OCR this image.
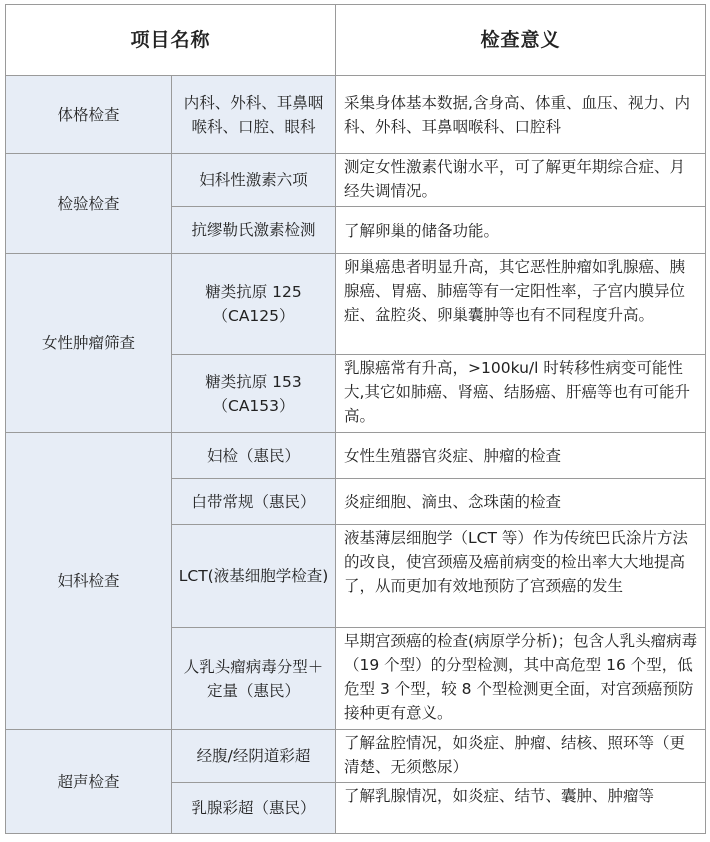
项目名称		检查意义
体格检查	内科、外科、耳鼻咽喉科、口腔、眼科	采集身体基本数据,含身高、体重、血压、视力、内科、外科、耳鼻咽喉科、口腔科
检验检查	妇科性激素六项	测定女性激素代谢水平，可了解更年期综合症、月经失调情况。
	抗缪勒氏激素检测	了解卵巢的储备功能。
女性肿瘤筛查	糖类抗原 125（CA125）	卵巢癌患者明显升高，其它恶性肿瘤如乳腺癌、胰腺癌、胃癌、肺癌等有一定阳性率，子宫内膜异位症、盆腔炎、卵巢囊肿等也有不同程度升高。
	糖类抗原 153（CA153）	乳腺癌常有升高，>100ku/l 时转移性病变可能性大,其它如肺癌、肾癌、结肠癌、肝癌等也有可能升高。
妇科检查	妇检（惠民）	女性生殖器官炎症、肿瘤的检查
	白带常规（惠民）	炎症细胞、滴虫、念珠菌的检查
	LCT(液基细胞学检查)	液基薄层细胞学（LCT 等）作为传统巴氏涂片方法的改良，使宫颈癌及癌前病变的检出率大大地提高了，从而更加有效地预防了宫颈癌的发生
	人乳头瘤病毒分型＋定量（惠民）	早期宫颈癌的检查(病原学分析)；包含人乳头瘤病毒（19 个型）的分型检测，其中高危型 16 个型，低危型 3 个型，较 8 个型检测更全面，对宫颈癌预防接种更有意义。
超声检查	经腹/经阴道彩超	了解盆腔情况，如炎症、肿瘤、结核、照环等（更清楚、无须憋尿）
	乳腺彩超（惠民）	了解乳腺情况，如炎症、结节、囊肿、肿瘤等
